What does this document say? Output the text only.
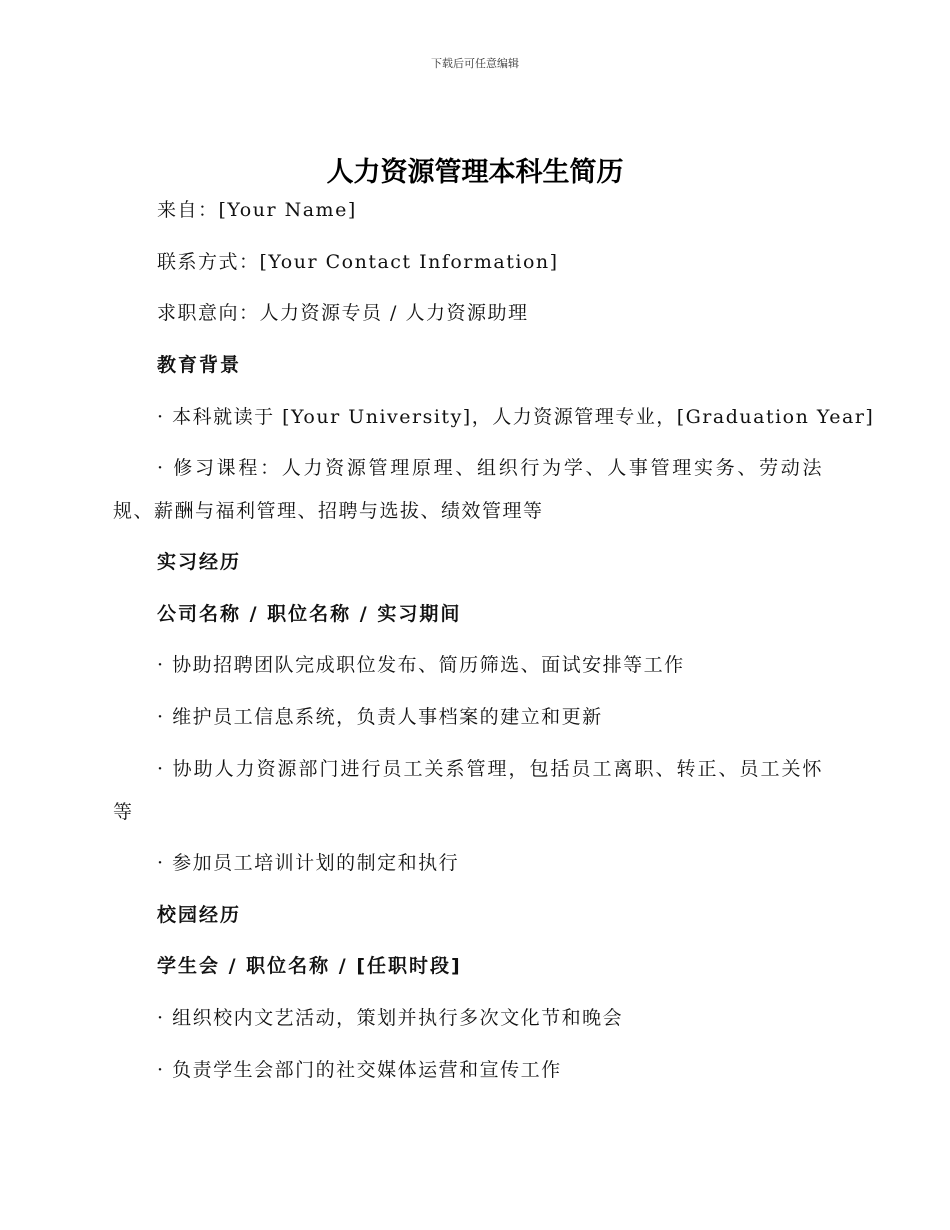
下载后可任意编辑
人力资源管理本科生简历
来自：[Your Name]
联系方式：[Your Contact Information]
求职意向：人力资源专员 / 人力资源助理
教育背景
· 本科就读于 [Your University]，人力资源管理专业，[Graduation Year]
· 修习课程：人力资源管理原理、组织行为学、人事管理实务、劳动法规、薪酬与福利管理、招聘与选拔、绩效管理等
实习经历
公司名称 / 职位名称 / 实习期间
· 协助招聘团队完成职位发布、简历筛选、面试安排等工作
· 维护员工信息系统，负责人事档案的建立和更新
· 协助人力资源部门进行员工关系管理，包括员工离职、转正、员工关怀等
· 参加员工培训计划的制定和执行
校园经历
学生会 / 职位名称 / [任职时段]
· 组织校内文艺活动，策划并执行多次文化节和晚会
· 负责学生会部门的社交媒体运营和宣传工作
